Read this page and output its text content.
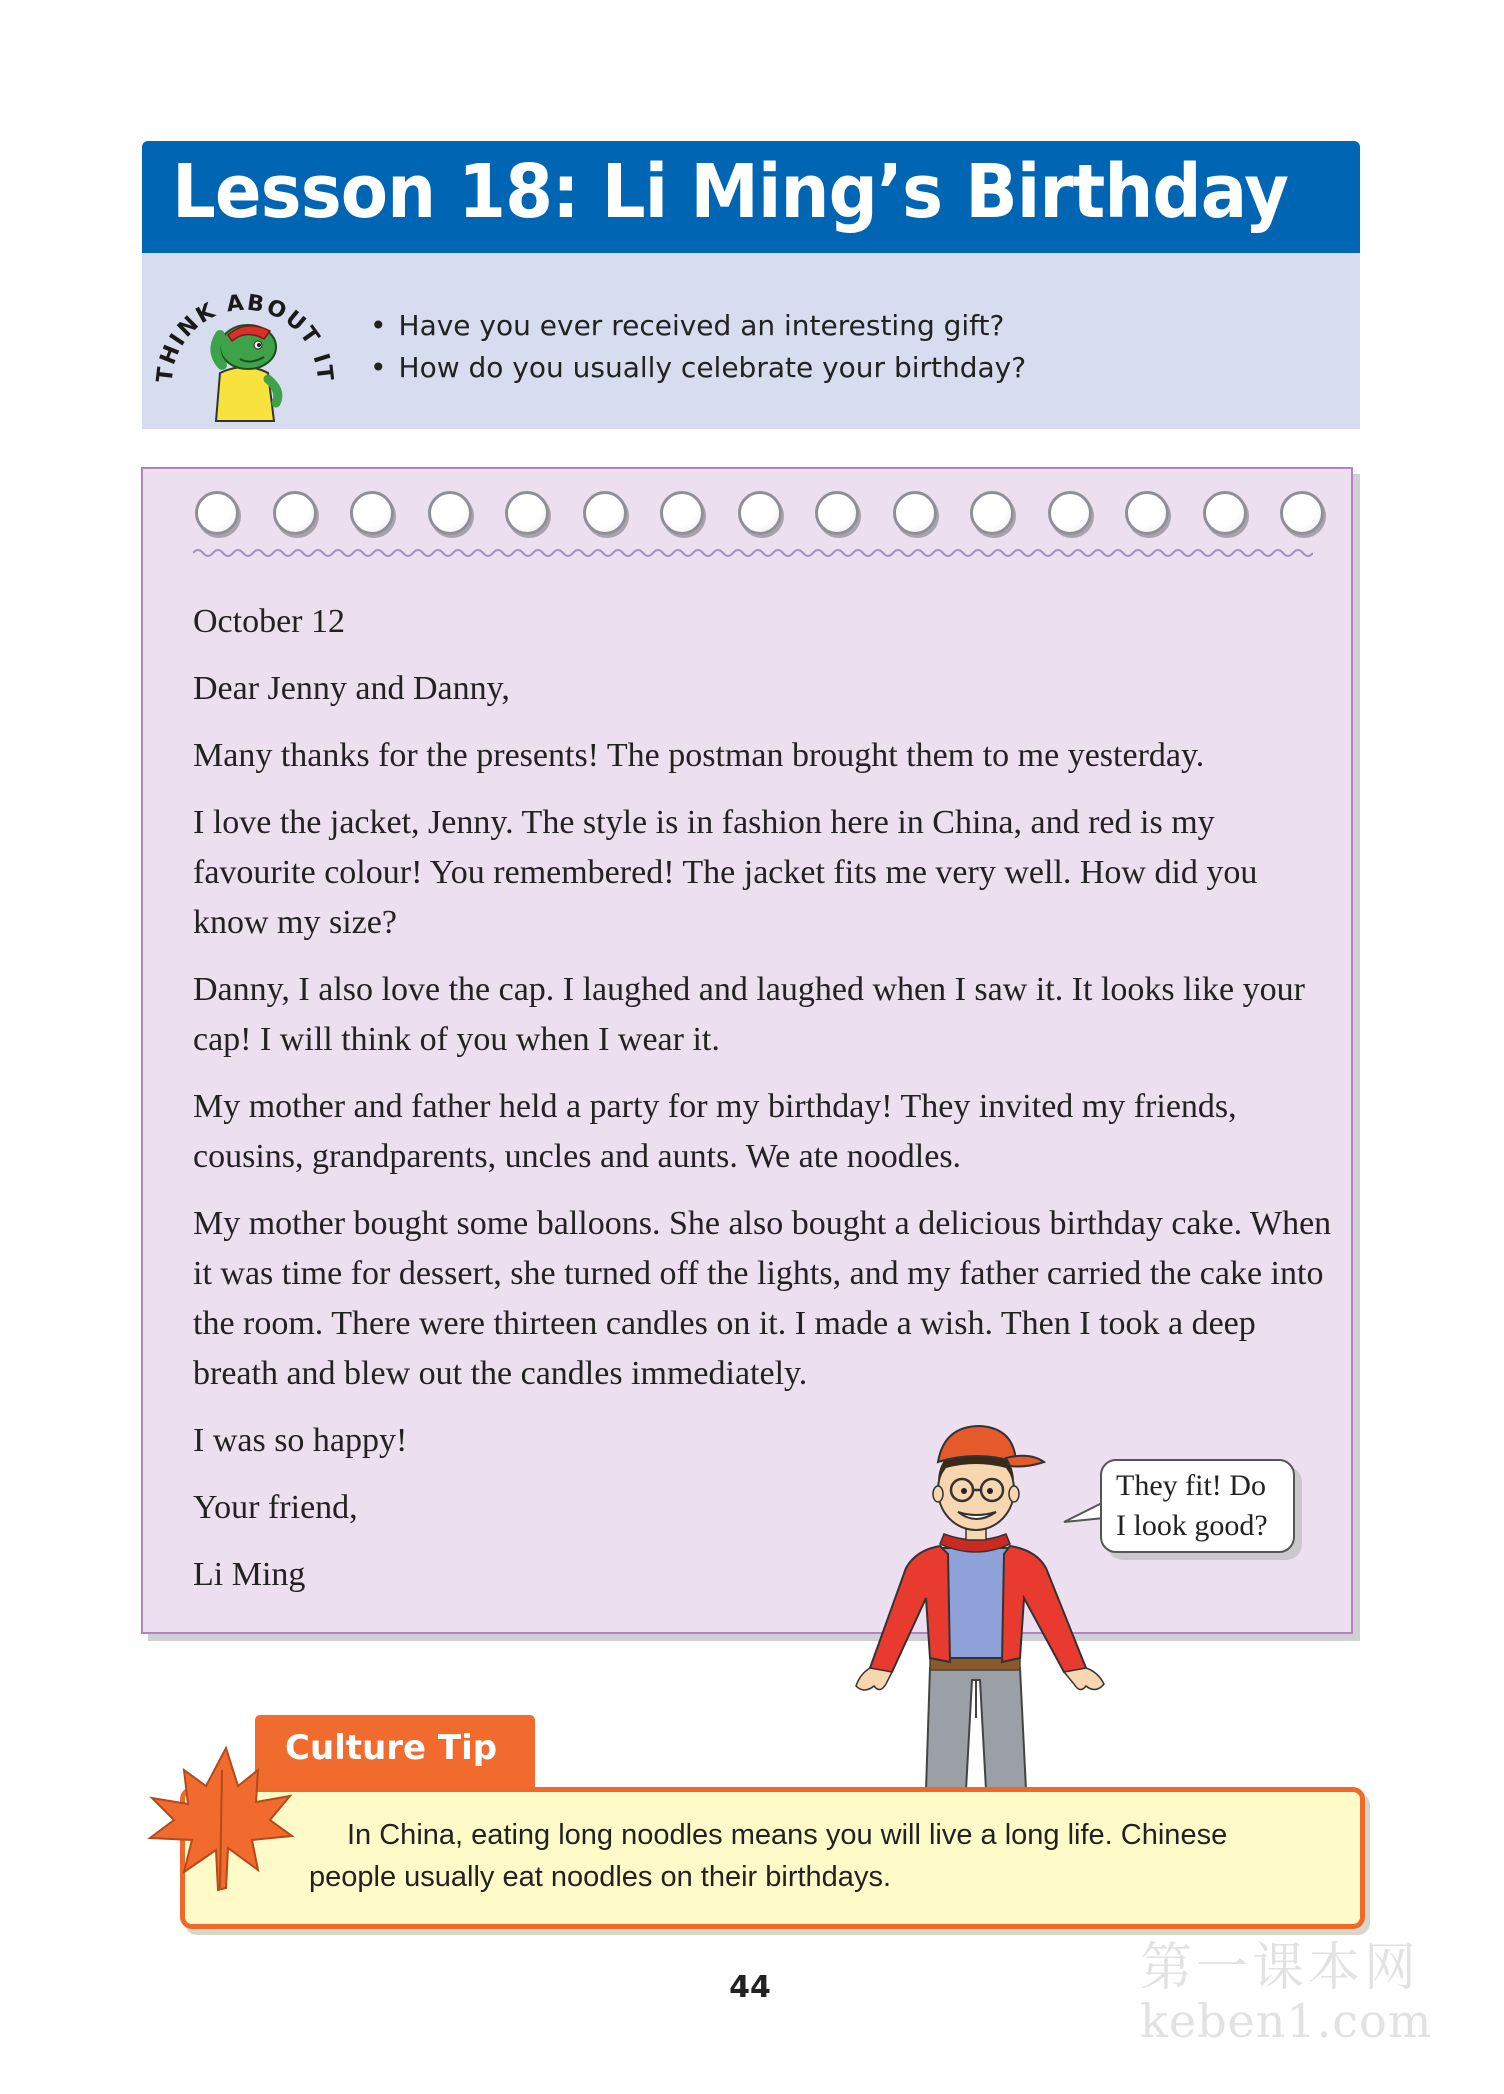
Lesson 18: Li Ming’s Birthday
THINK ABOUT IT
• Have you ever received an interesting gift?
• How do you usually celebrate your birthday?

October 12

Dear Jenny and Danny,

Many thanks for the presents! The postman brought them to me yesterday.

I love the jacket, Jenny. The style is in fashion here in China, and red is my favourite colour! You remembered! The jacket fits me very well. How did you know my size?

Danny, I also love the cap. I laughed and laughed when I saw it. It looks like your cap! I will think of you when I wear it.

My mother and father held a party for my birthday! They invited my friends, cousins, grandparents, uncles and aunts. We ate noodles.

My mother bought some balloons. She also bought a delicious birthday cake. When it was time for dessert, she turned off the lights, and my father carried the cake into the room. There were thirteen candles on it. I made a wish. Then I took a deep breath and blew out the candles immediately.

I was so happy!

Your friend,

Li Ming

They fit! Do I look good?
In China, eating long noodles means you will live a long life. Chinese people usually eat noodles on their birthdays.
Culture Tip
44	第一课本网
keben1.com
